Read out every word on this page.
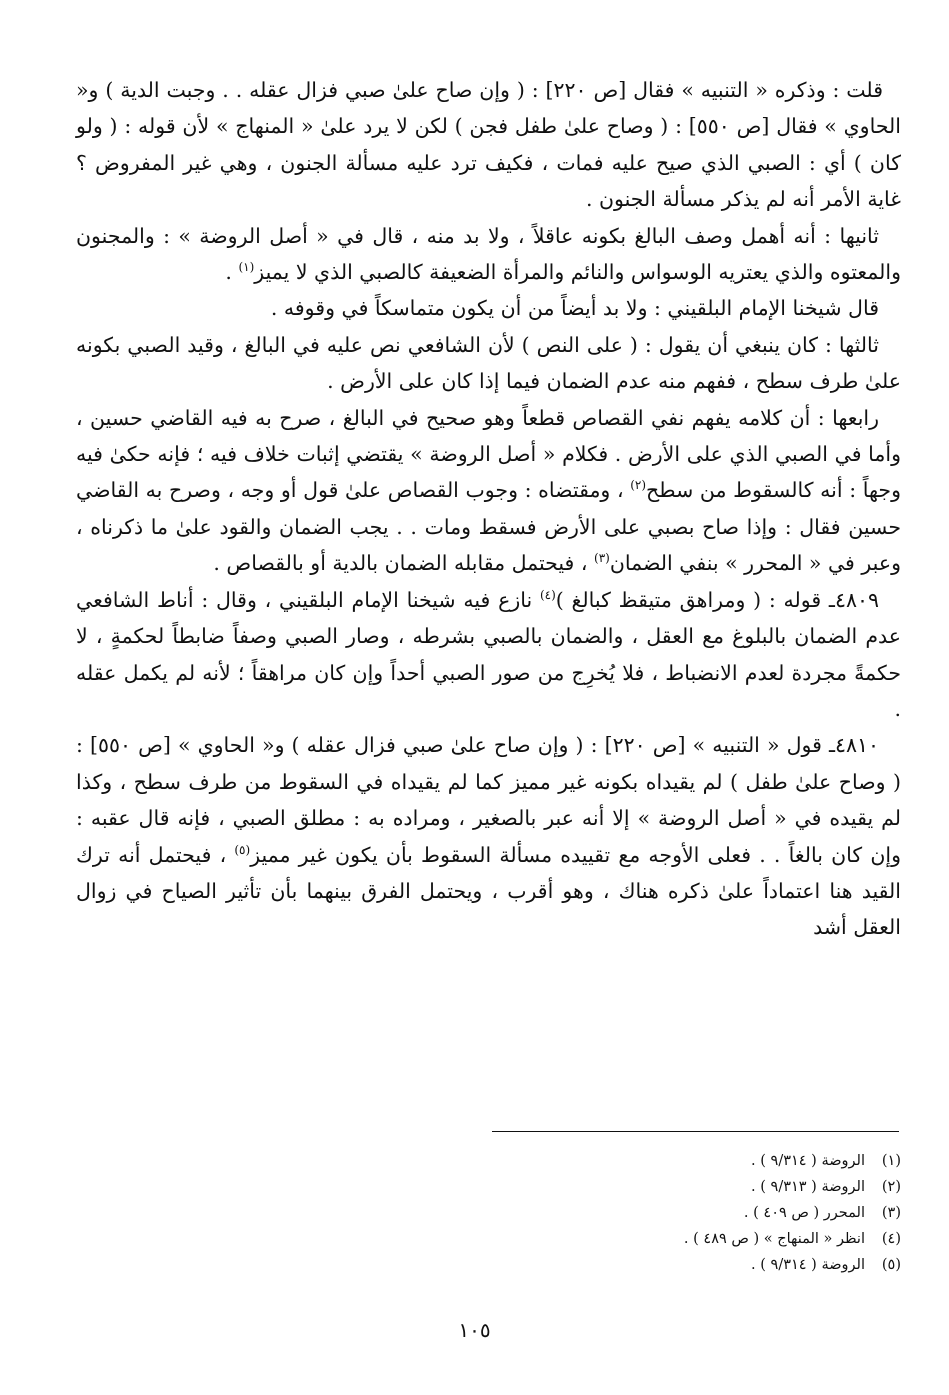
قلت : وذكره « التنبيه » فقال [ص ٢٢٠] : ( وإن صاح علىٰ صبي فزال عقله . . وجبت الدية ) و« الحاوي » فقال [ص ٥٥٠] : ( وصاح علىٰ طفل فجن ) لكن لا يرد علىٰ « المنهاج » لأن قوله : ( ولو كان ) أي : الصبي الذي صيح عليه فمات ، فكيف ترد عليه مسألة الجنون ، وهي غير المفروض ؟ غاية الأمر أنه لم يذكر مسألة الجنون .

ثانيها : أنه أهمل وصف البالغ بكونه عاقلاً ، ولا بد منه ، قال في « أصل الروضة » : والمجنون والمعتوه والذي يعتريه الوسواس والنائم والمرأة الضعيفة كالصبي الذي لا يميز$^{(١)}$ .

قال شيخنا الإمام البلقيني : ولا بد أيضاً من أن يكون متماسكاً في وقوفه .

ثالثها : كان ينبغي أن يقول : ( على النص ) لأن الشافعي نص عليه في البالغ ، وقيد الصبي بكونه علىٰ طرف سطح ، ففهم منه عدم الضمان فيما إذا كان على الأرض .

رابعها : أن كلامه يفهم نفي القصاص قطعاً وهو صحيح في البالغ ، صرح به فيه القاضي حسين ، وأما في الصبي الذي على الأرض . فكلام « أصل الروضة » يقتضي إثبات خلاف فيه ؛ فإنه حكىٰ فيه وجهاً : أنه كالسقوط من سطح$^{(٢)}$ ، ومقتضاه : وجوب القصاص علىٰ قول أو وجه ، وصرح به القاضي حسين فقال : وإذا صاح بصبي على الأرض فسقط ومات . . يجب الضمان والقود علىٰ ما ذكرناه ، وعبر في « المحرر » بنفي الضمان$^{(٣)}$ ، فيحتمل مقابله الضمان بالدية أو بالقصاص .

٤٨٠٩ـ قوله : ( ومراهق متيقظ كبالغ )$^{(٤)}$ نازع فيه شيخنا الإمام البلقيني ، وقال : أناط الشافعي عدم الضمان بالبلوغ مع العقل ، والضمان بالصبي بشرطه ، وصار الصبي وصفاً ضابطاً لحكمةٍ ، لا حكمةً مجردة لعدم الانضباط ، فلا يُخرِج من صور الصبي أحداً وإن كان مراهقاً ؛ لأنه لم يكمل عقله .

٤٨١٠ـ قول « التنبيه » [ص ٢٢٠] : ( وإن صاح علىٰ صبي فزال عقله ) و« الحاوي » [ص ٥٥٠] : ( وصاح علىٰ طفل ) لم يقيداه بكونه غير مميز كما لم يقيداه في السقوط من طرف سطح ، وكذا لم يقيده في « أصل الروضة » إلا أنه عبر بالصغير ، ومراده به : مطلق الصبي ، فإنه قال عقبه : وإن كان بالغاً . . فعلى الأوجه مع تقييده مسألة السقوط بأن يكون غير مميز$^{(٥)}$ ، فيحتمل أنه ترك القيد هنا اعتماداً علىٰ ذكره هناك ، وهو أقرب ، ويحتمل الفرق بينهما بأن تأثير الصياح في زوال العقل أشد

(١)الروضة ( ٩/٣١٤ ) .
(٢)الروضة ( ٩/٣١٣ ) .
(٣)المحرر ( ص ٤٠٩ ) .
(٤)انظر « المنهاج » ( ص ٤٨٩ ) .
(٥)الروضة ( ٩/٣١٤ ) .
١٠٥
